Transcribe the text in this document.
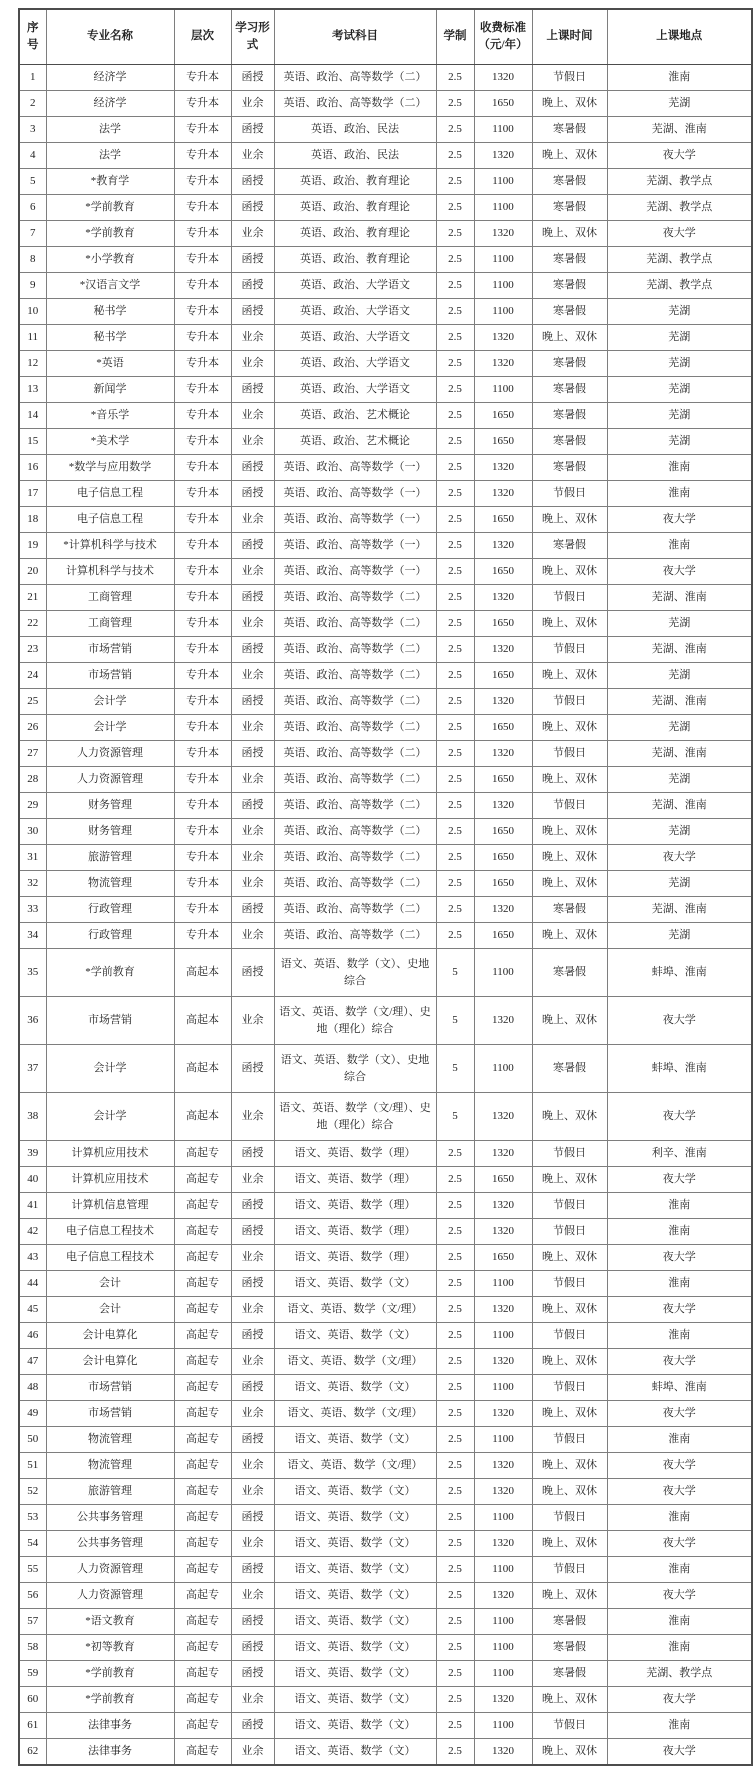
序号	专业名称	层次	学习形式	考试科目	学制	收费标准（元/年）	上课时间	上课地点
1	经济学	专升本	函授	英语、政治、高等数学（二）	2.5	1320	节假日	淮南
2	经济学	专升本	业余	英语、政治、高等数学（二）	2.5	1650	晚上、双休	芜湖
3	法学	专升本	函授	英语、政治、民法	2.5	1100	寒暑假	芜湖、淮南
4	法学	专升本	业余	英语、政治、民法	2.5	1320	晚上、双休	夜大学
5	*教育学	专升本	函授	英语、政治、教育理论	2.5	1100	寒暑假	芜湖、教学点
6	*学前教育	专升本	函授	英语、政治、教育理论	2.5	1100	寒暑假	芜湖、教学点
7	*学前教育	专升本	业余	英语、政治、教育理论	2.5	1320	晚上、双休	夜大学
8	*小学教育	专升本	函授	英语、政治、教育理论	2.5	1100	寒暑假	芜湖、教学点
9	*汉语言文学	专升本	函授	英语、政治、大学语文	2.5	1100	寒暑假	芜湖、教学点
10	秘书学	专升本	函授	英语、政治、大学语文	2.5	1100	寒暑假	芜湖
11	秘书学	专升本	业余	英语、政治、大学语文	2.5	1320	晚上、双休	芜湖
12	*英语	专升本	业余	英语、政治、大学语文	2.5	1320	寒暑假	芜湖
13	新闻学	专升本	函授	英语、政治、大学语文	2.5	1100	寒暑假	芜湖
14	*音乐学	专升本	业余	英语、政治、艺术概论	2.5	1650	寒暑假	芜湖
15	*美术学	专升本	业余	英语、政治、艺术概论	2.5	1650	寒暑假	芜湖
16	*数学与应用数学	专升本	函授	英语、政治、高等数学（一）	2.5	1320	寒暑假	淮南
17	电子信息工程	专升本	函授	英语、政治、高等数学（一）	2.5	1320	节假日	淮南
18	电子信息工程	专升本	业余	英语、政治、高等数学（一）	2.5	1650	晚上、双休	夜大学
19	*计算机科学与技术	专升本	函授	英语、政治、高等数学（一）	2.5	1320	寒暑假	淮南
20	计算机科学与技术	专升本	业余	英语、政治、高等数学（一）	2.5	1650	晚上、双休	夜大学
21	工商管理	专升本	函授	英语、政治、高等数学（二）	2.5	1320	节假日	芜湖、淮南
22	工商管理	专升本	业余	英语、政治、高等数学（二）	2.5	1650	晚上、双休	芜湖
23	市场营销	专升本	函授	英语、政治、高等数学（二）	2.5	1320	节假日	芜湖、淮南
24	市场营销	专升本	业余	英语、政治、高等数学（二）	2.5	1650	晚上、双休	芜湖
25	会计学	专升本	函授	英语、政治、高等数学（二）	2.5	1320	节假日	芜湖、淮南
26	会计学	专升本	业余	英语、政治、高等数学（二）	2.5	1650	晚上、双休	芜湖
27	人力资源管理	专升本	函授	英语、政治、高等数学（二）	2.5	1320	节假日	芜湖、淮南
28	人力资源管理	专升本	业余	英语、政治、高等数学（二）	2.5	1650	晚上、双休	芜湖
29	财务管理	专升本	函授	英语、政治、高等数学（二）	2.5	1320	节假日	芜湖、淮南
30	财务管理	专升本	业余	英语、政治、高等数学（二）	2.5	1650	晚上、双休	芜湖
31	旅游管理	专升本	业余	英语、政治、高等数学（二）	2.5	1650	晚上、双休	夜大学
32	物流管理	专升本	业余	英语、政治、高等数学（二）	2.5	1650	晚上、双休	芜湖
33	行政管理	专升本	函授	英语、政治、高等数学（二）	2.5	1320	寒暑假	芜湖、淮南
34	行政管理	专升本	业余	英语、政治、高等数学（二）	2.5	1650	晚上、双休	芜湖
35	*学前教育	高起本	函授	语文、英语、数学（文）、史地综合	5	1100	寒暑假	蚌埠、淮南
36	市场营销	高起本	业余	语文、英语、数学（文/理）、史地（理化）综合	5	1320	晚上、双休	夜大学
37	会计学	高起本	函授	语文、英语、数学（文）、史地综合	5	1100	寒暑假	蚌埠、淮南
38	会计学	高起本	业余	语文、英语、数学（文/理）、史地（理化）综合	5	1320	晚上、双休	夜大学
39	计算机应用技术	高起专	函授	语文、英语、数学（理）	2.5	1320	节假日	利辛、淮南
40	计算机应用技术	高起专	业余	语文、英语、数学（理）	2.5	1650	晚上、双休	夜大学
41	计算机信息管理	高起专	函授	语文、英语、数学（理）	2.5	1320	节假日	淮南
42	电子信息工程技术	高起专	函授	语文、英语、数学（理）	2.5	1320	节假日	淮南
43	电子信息工程技术	高起专	业余	语文、英语、数学（理）	2.5	1650	晚上、双休	夜大学
44	会计	高起专	函授	语文、英语、数学（文）	2.5	1100	节假日	淮南
45	会计	高起专	业余	语文、英语、数学（文/理）	2.5	1320	晚上、双休	夜大学
46	会计电算化	高起专	函授	语文、英语、数学（文）	2.5	1100	节假日	淮南
47	会计电算化	高起专	业余	语文、英语、数学（文/理）	2.5	1320	晚上、双休	夜大学
48	市场营销	高起专	函授	语文、英语、数学（文）	2.5	1100	节假日	蚌埠、淮南
49	市场营销	高起专	业余	语文、英语、数学（文/理）	2.5	1320	晚上、双休	夜大学
50	物流管理	高起专	函授	语文、英语、数学（文）	2.5	1100	节假日	淮南
51	物流管理	高起专	业余	语文、英语、数学（文/理）	2.5	1320	晚上、双休	夜大学
52	旅游管理	高起专	业余	语文、英语、数学（文）	2.5	1320	晚上、双休	夜大学
53	公共事务管理	高起专	函授	语文、英语、数学（文）	2.5	1100	节假日	淮南
54	公共事务管理	高起专	业余	语文、英语、数学（文）	2.5	1320	晚上、双休	夜大学
55	人力资源管理	高起专	函授	语文、英语、数学（文）	2.5	1100	节假日	淮南
56	人力资源管理	高起专	业余	语文、英语、数学（文）	2.5	1320	晚上、双休	夜大学
57	*语文教育	高起专	函授	语文、英语、数学（文）	2.5	1100	寒暑假	淮南
58	*初等教育	高起专	函授	语文、英语、数学（文）	2.5	1100	寒暑假	淮南
59	*学前教育	高起专	函授	语文、英语、数学（文）	2.5	1100	寒暑假	芜湖、教学点
60	*学前教育	高起专	业余	语文、英语、数学（文）	2.5	1320	晚上、双休	夜大学
61	法律事务	高起专	函授	语文、英语、数学（文）	2.5	1100	节假日	淮南
62	法律事务	高起专	业余	语文、英语、数学（文）	2.5	1320	晚上、双休	夜大学
